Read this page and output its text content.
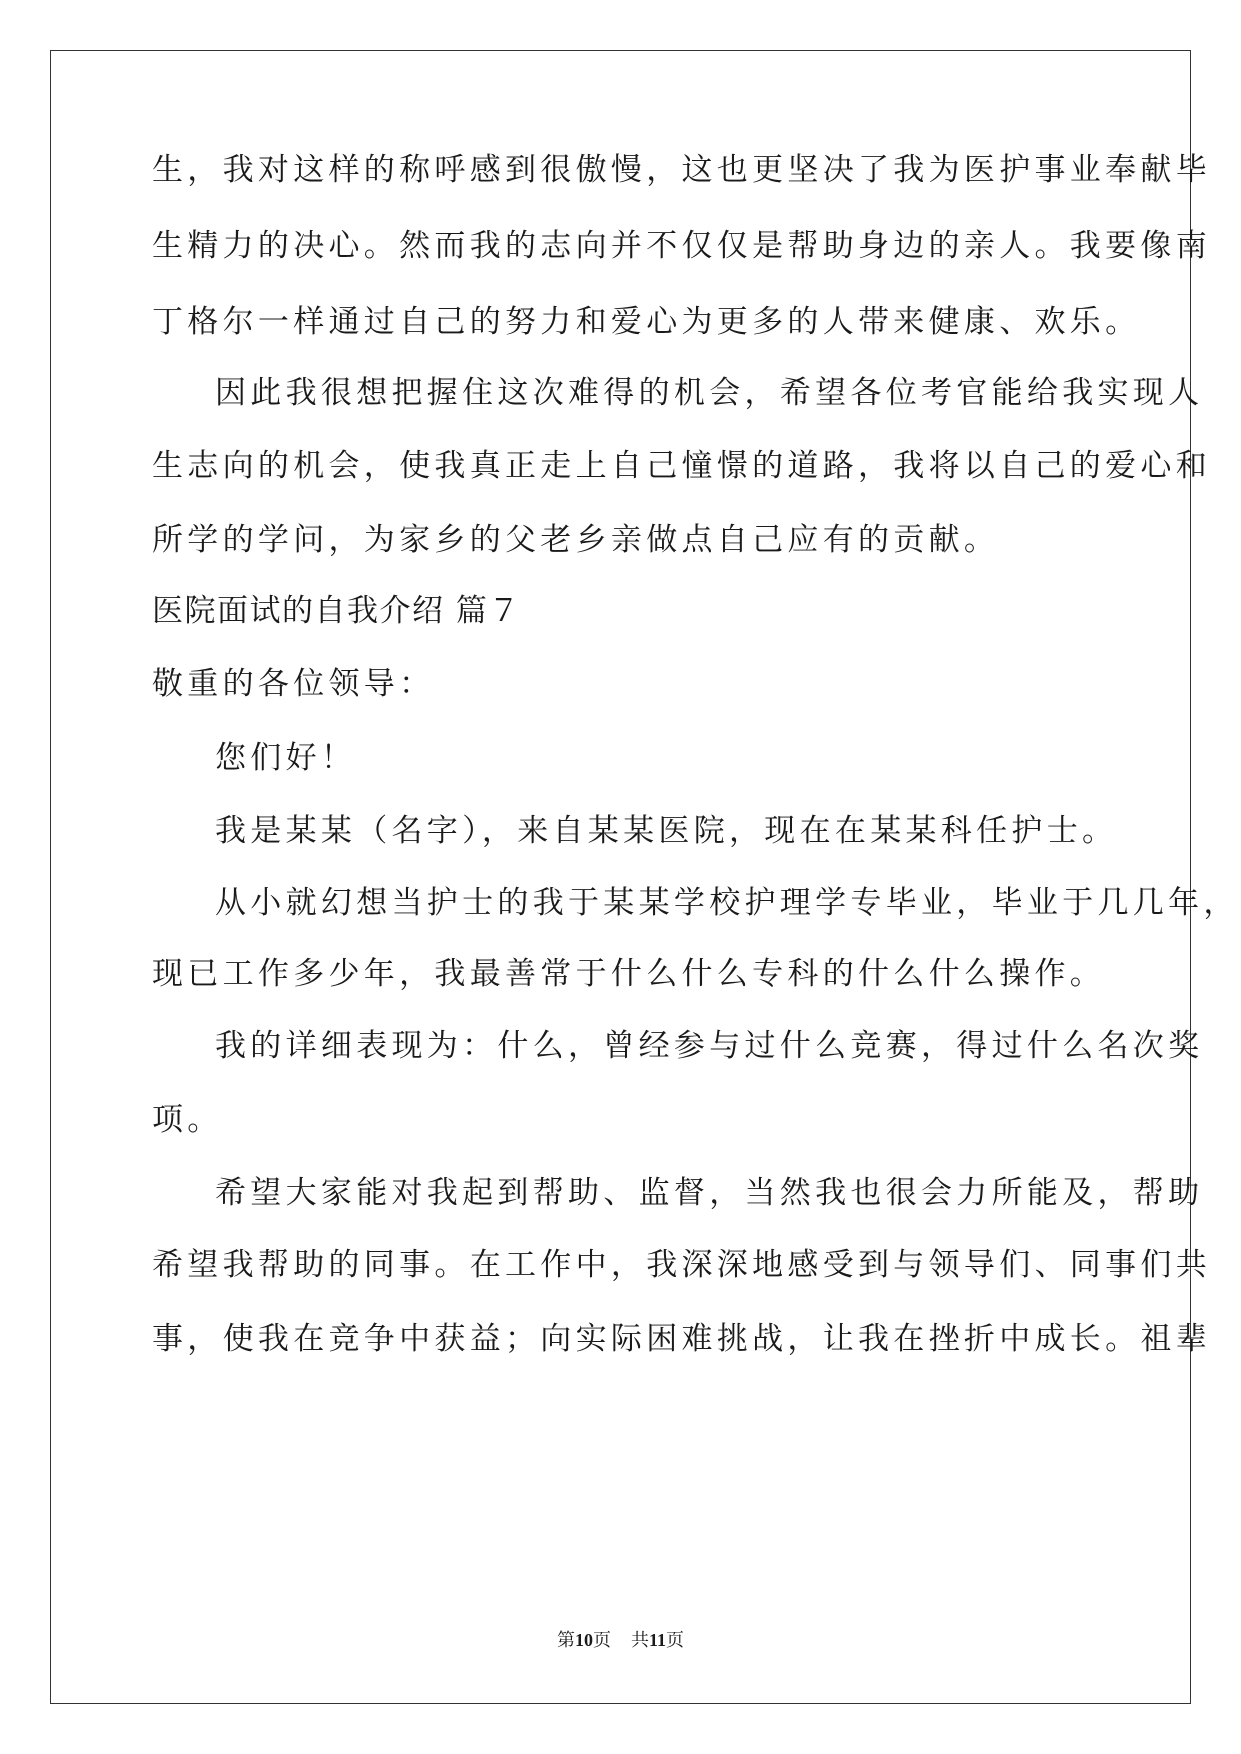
生，我对这样的称呼感到很傲慢，这也更坚决了我为医护事业奉献毕
生精力的决心。然而我的志向并不仅仅是帮助身边的亲人。我要像南
丁格尔一样通过自己的努力和爱心为更多的人带来健康、欢乐。
因此我很想把握住这次难得的机会，希望各位考官能给我实现人
生志向的机会，使我真正走上自己憧憬的道路，我将以自己的爱心和
所学的学问，为家乡的父老乡亲做点自己应有的贡献。
医院面试的自我介绍 篇７
敬重的各位领导：
您们好！
我是某某（名字），来自某某医院，现在在某某科任护士。
从小就幻想当护士的我于某某学校护理学专毕业，毕业于几几年，
现已工作多少年，我最善常于什么什么专科的什么什么操作。
我的详细表现为：什么，曾经参与过什么竞赛，得过什么名次奖
项。
希望大家能对我起到帮助、监督，当然我也很会力所能及，帮助
希望我帮助的同事。在工作中，我深深地感受到与领导们、同事们共
事，使我在竞争中获益；向实际困难挑战，让我在挫折中成长。祖辈
第10页 共11页
